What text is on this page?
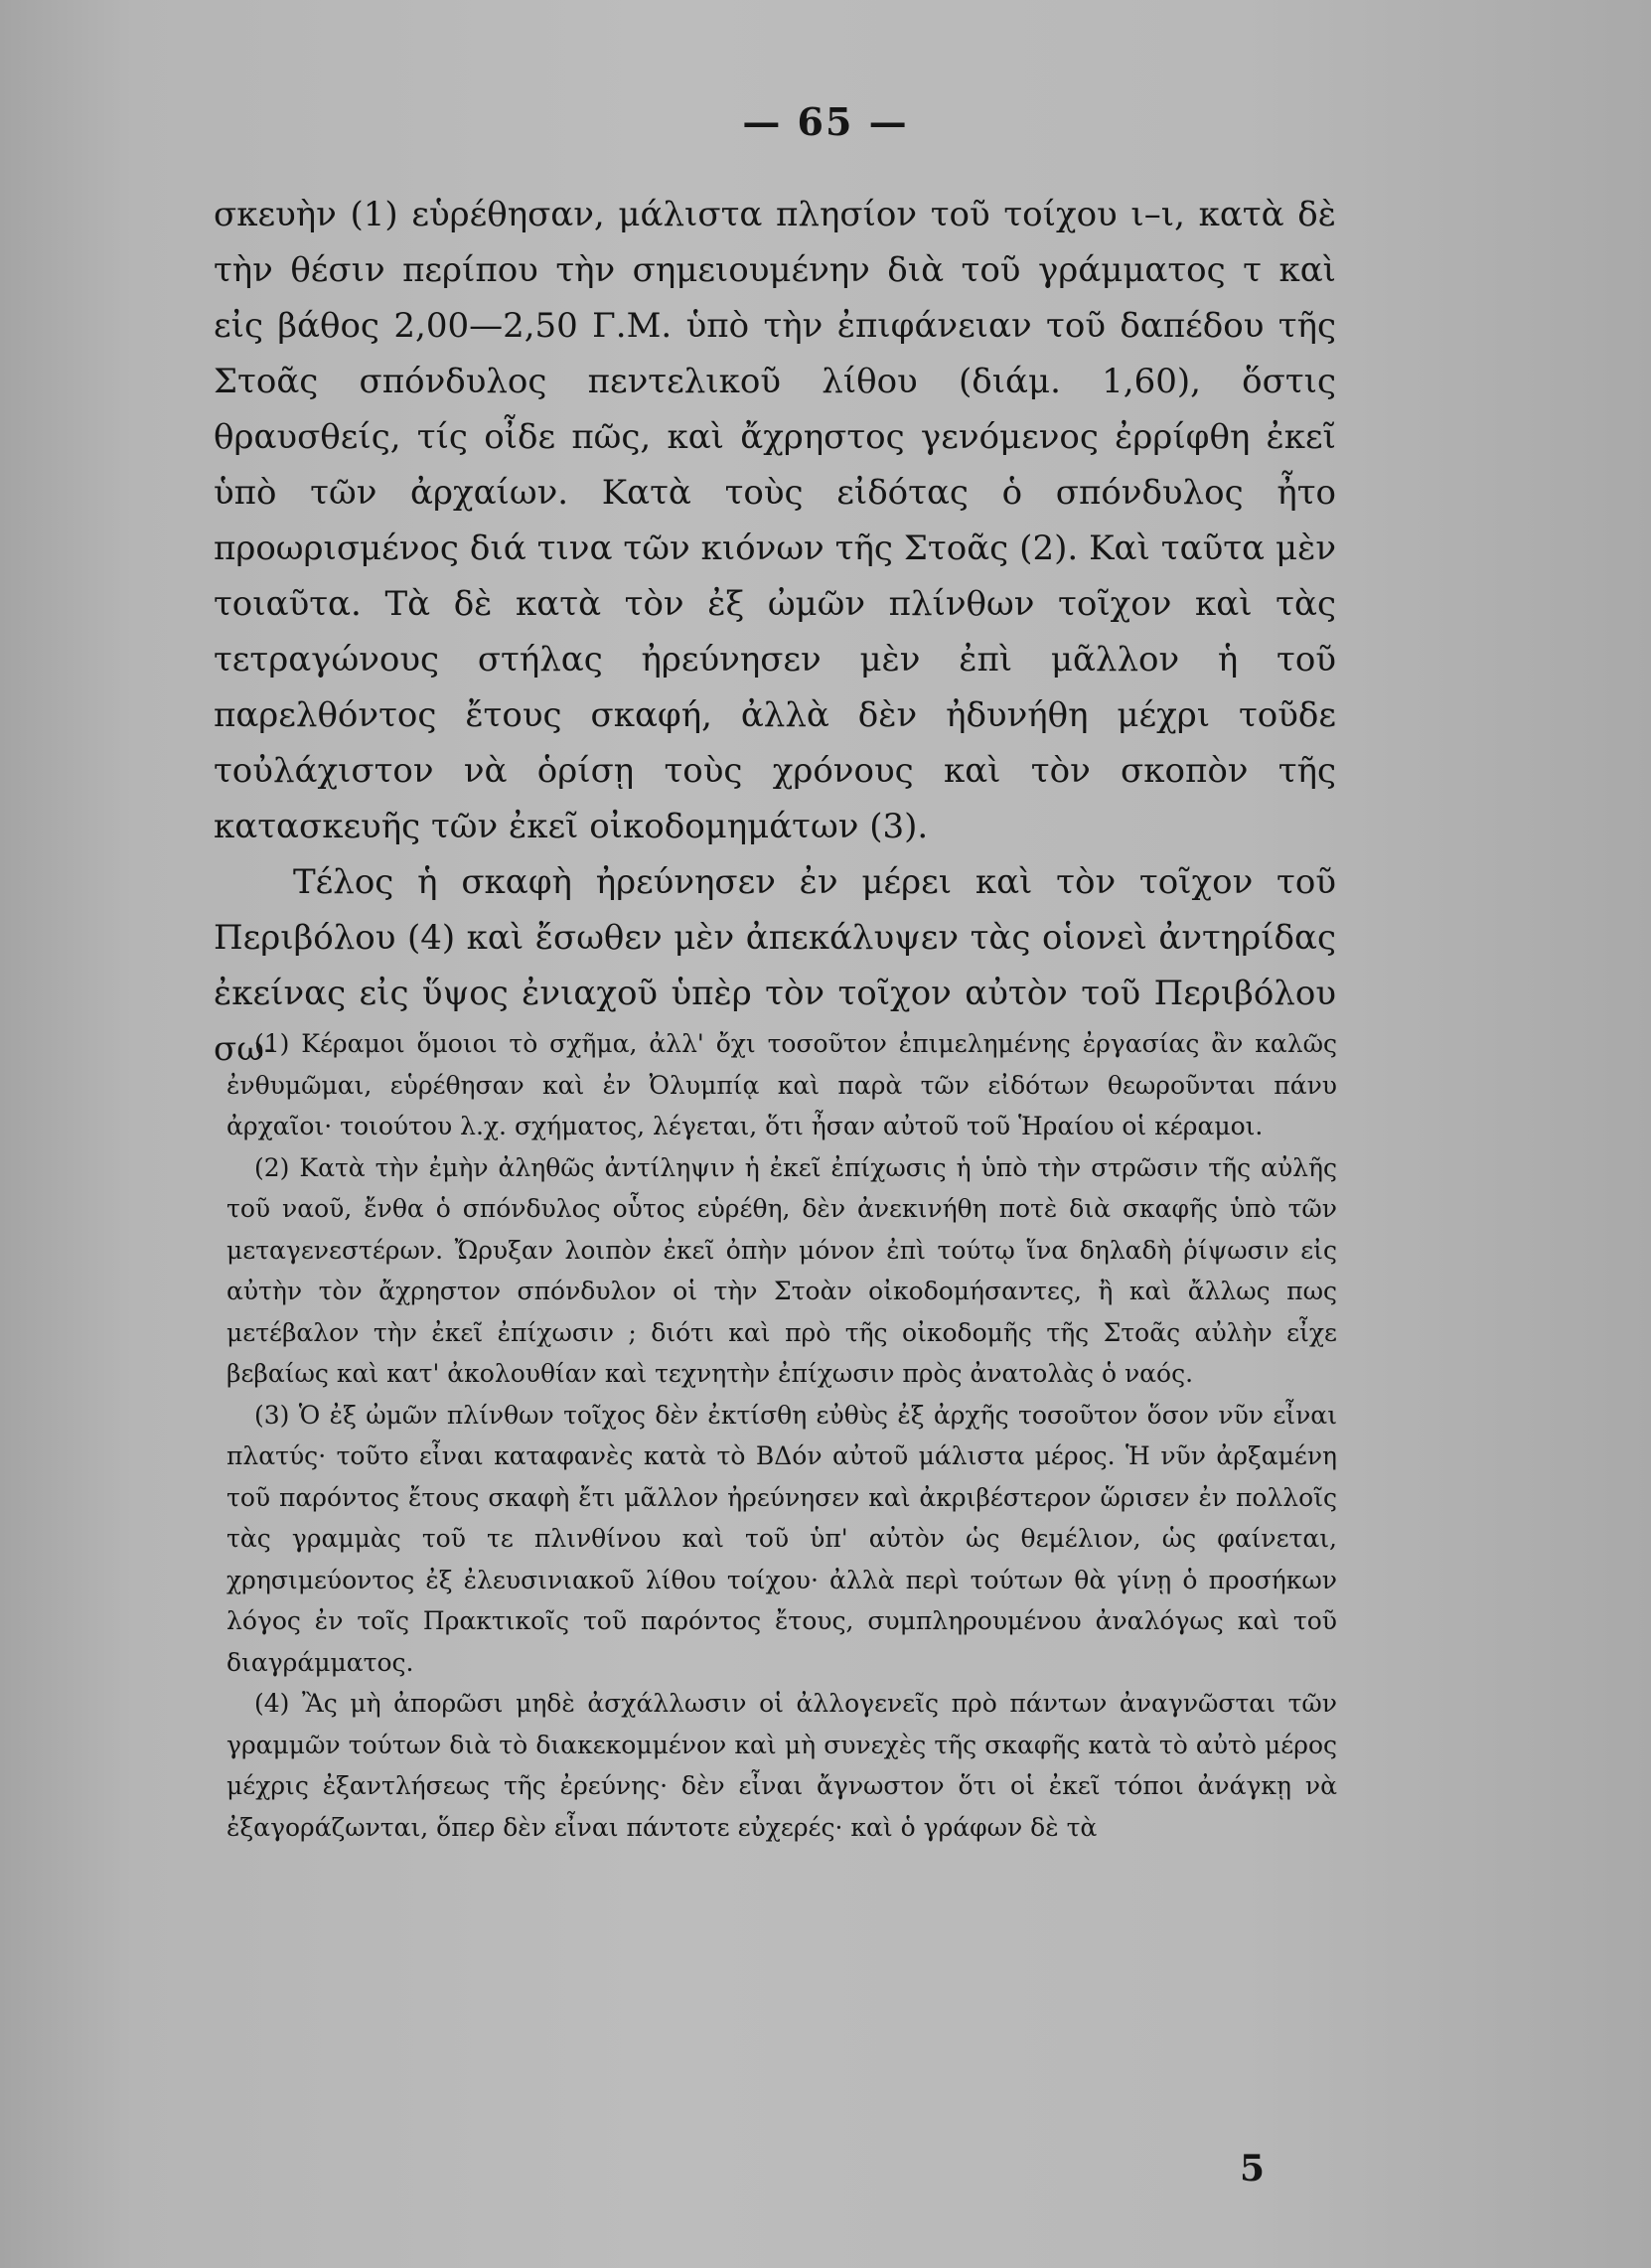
— 65 —

σκευὴν (1) εὑρέθησαν, μάλιστα πλησίον τοῦ τοίχου ι–ι, κατὰ δὲ τὴν θέσιν περίπου τὴν σημειουμένην διὰ τοῦ γράμματος τ καὶ εἰς βάθος 2,00—2,50 Γ.Μ. ὑπὸ τὴν ἐπιφάνειαν τοῦ δαπέδου τῆς Στοᾶς σπόνδυλος πεντελικοῦ λίθου (διάμ. 1,60), ὅστις θραυσθείς, τίς οἶδε πῶς, καὶ ἄχρηστος γενόμενος ἐρρίφθη ἐκεῖ ὑπὸ τῶν ἀρχαίων. Κατὰ τοὺς εἰδότας ὁ σπόνδυλος ἦτο προωρισμένος διά τινα τῶν κιόνων τῆς Στοᾶς (2). Καὶ ταῦτα μὲν τοιαῦτα. Τὰ δὲ κατὰ τὸν ἐξ ὠμῶν πλίνθων τοῖχον καὶ τὰς τετραγώνους στήλας ἠρεύνησεν μὲν ἐπὶ μᾶλλον ἡ τοῦ παρελθόντος ἔτους σκαφή, ἀλλὰ δὲν ἠδυνήθη μέχρι τοῦδε τοὐλάχιστον νὰ ὁρίσῃ τοὺς χρόνους καὶ τὸν σκοπὸν τῆς κατασκευῆς τῶν ἐκεῖ οἰκοδομημάτων (3).

Τέλος ἡ σκαφὴ ἠρεύνησεν ἐν μέρει καὶ τὸν τοῖχον τοῦ Περιβόλου (4) καὶ ἔσωθεν μὲν ἀπεκάλυψεν τὰς οἱονεὶ ἀντηρίδας ἐκείνας εἰς ὕψος ἐνιαχοῦ ὑπὲρ τὸν τοῖχον αὐτὸν τοῦ Περιβόλου σω-

(1) Κέραμοι ὅμοιοι τὸ σχῆμα, ἀλλ' ὄχι τοσοῦτον ἐπιμελημένης ἐργασίας ἂν καλῶς ἐνθυμῶμαι, εὑρέθησαν καὶ ἐν Ὀλυμπίᾳ καὶ παρὰ τῶν εἰδότων θεωροῦνται πάνυ ἀρχαῖοι· τοιούτου λ.χ. σχήματος, λέγεται, ὅτι ἦσαν αὐτοῦ τοῦ Ἡραίου οἱ κέραμοι.

(2) Κατὰ τὴν ἐμὴν ἀληθῶς ἀντίληψιν ἡ ἐκεῖ ἐπίχωσις ἡ ὑπὸ τὴν στρῶσιν τῆς αὐλῆς τοῦ ναοῦ, ἔνθα ὁ σπόνδυλος οὗτος εὑρέθη, δὲν ἀνεκινήθη ποτὲ διὰ σκαφῆς ὑπὸ τῶν μεταγενεστέρων. Ὤρυξαν λοιπὸν ἐκεῖ ὀπὴν μόνον ἐπὶ τούτῳ ἵνα δηλαδὴ ῥίψωσιν εἰς αὐτὴν τὸν ἄχρηστον σπόνδυλον οἱ τὴν Στοὰν οἰκοδομήσαντες, ἢ καὶ ἄλλως πως μετέβαλον τὴν ἐκεῖ ἐπίχωσιν ; διότι καὶ πρὸ τῆς οἰκοδομῆς τῆς Στοᾶς αὐλὴν εἶχε βεβαίως καὶ κατ' ἀκολουθίαν καὶ τεχνητὴν ἐπίχωσιν πρὸς ἀνατολὰς ὁ ναός.

(3) Ὁ ἐξ ὠμῶν πλίνθων τοῖχος δὲν ἐκτίσθη εὐθὺς ἐξ ἀρχῆς τοσοῦτον ὅσον νῦν εἶναι πλατύς· τοῦτο εἶναι καταφανὲς κατὰ τὸ ΒΔόν αὐτοῦ μάλιστα μέρος. Ἡ νῦν ἀρξαμένη τοῦ παρόντος ἔτους σκαφὴ ἔτι μᾶλλον ἠρεύνησεν καὶ ἀκριβέστερον ὥρισεν ἐν πολλοῖς τὰς γραμμὰς τοῦ τε πλινθίνου καὶ τοῦ ὑπ' αὐτὸν ὡς θεμέλιον, ὡς φαίνεται, χρησιμεύοντος ἐξ ἐλευσινιακοῦ λίθου τοίχου· ἀλλὰ περὶ τούτων θὰ γίνῃ ὁ προσήκων λόγος ἐν τοῖς Πρακτικοῖς τοῦ παρόντος ἔτους, συμπληρουμένου ἀναλόγως καὶ τοῦ διαγράμματος.

(4) Ἂς μὴ ἀπορῶσι μηδὲ ἀσχάλλωσιν οἱ ἀλλογενεῖς πρὸ πάντων ἀναγνῶσται τῶν γραμμῶν τούτων διὰ τὸ διακεκομμένον καὶ μὴ συνεχὲς τῆς σκαφῆς κατὰ τὸ αὐτὸ μέρος μέχρις ἐξαντλήσεως τῆς ἐρεύνης· δὲν εἶναι ἄγνωστον ὅτι οἱ ἐκεῖ τόποι ἀνάγκῃ νὰ ἐξαγοράζωνται, ὅπερ δὲν εἶναι πάντοτε εὐχερές· καὶ ὁ γράφων δὲ τὰ

5
